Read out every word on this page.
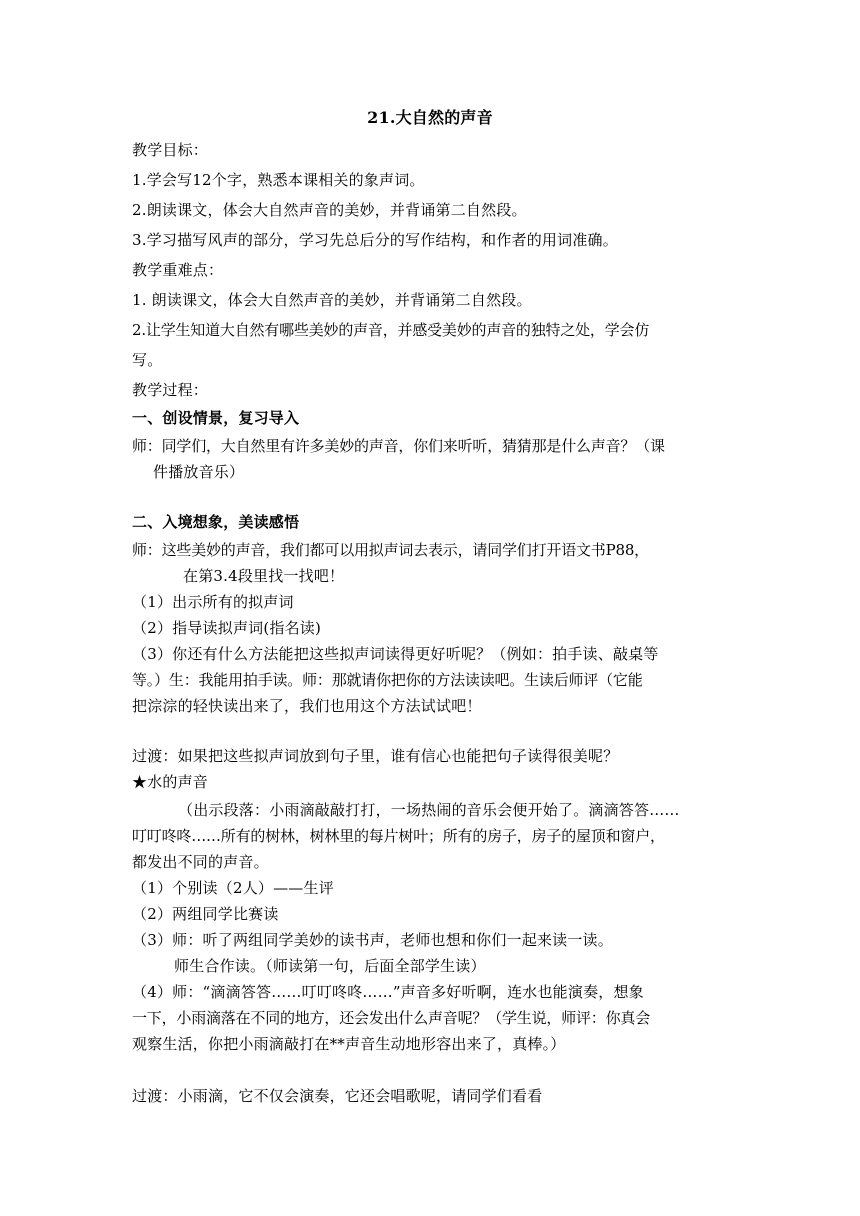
21.大自然的声音
教学目标：
1.学会写12个字，熟悉本课相关的象声词。
2.朗读课文，体会大自然声音的美妙，并背诵第二自然段。
3.学习描写风声的部分，学习先总后分的写作结构，和作者的用词准确。
教学重难点：
1. 朗读课文，体会大自然声音的美妙，并背诵第二自然段。
2.让学生知道大自然有哪些美妙的声音，并感受美妙的声音的独特之处，学会仿
写。
教学过程：
一、创设情景，复习导入
师：同学们，大自然里有许多美妙的声音，你们来听听，猜猜那是什么声音？（课
件播放音乐）
二、入境想象，美读感悟
师：这些美妙的声音，我们都可以用拟声词去表示，请同学们打开语文书P88，
在第3.4段里找一找吧！
（1）出示所有的拟声词
（2）指导读拟声词(指名读)
（3）你还有什么方法能把这些拟声词读得更好听呢？（例如：拍手读、敲桌等
等。）生：我能用拍手读。师：那就请你把你的方法读读吧。生读后师评（它能
把淙淙的轻快读出来了，我们也用这个方法试试吧！
过渡：如果把这些拟声词放到句子里，谁有信心也能把句子读得很美呢？
★水的声音
（出示段落：小雨滴敲敲打打，一场热闹的音乐会便开始了。滴滴答答……
叮叮咚咚……所有的树林，树林里的每片树叶；所有的房子，房子的屋顶和窗户，
都发出不同的声音。
（1）个别读（2人）——生评
（2）两组同学比赛读
（3）师：听了两组同学美妙的读书声，老师也想和你们一起来读一读。
师生合作读。（师读第一句，后面全部学生读）
（4）师：“滴滴答答……叮叮咚咚……”声音多好听啊，连水也能演奏，想象
一下，小雨滴落在不同的地方，还会发出什么声音呢？（学生说，师评：你真会
观察生活，你把小雨滴敲打在**声音生动地形容出来了，真棒。）
过渡：小雨滴，它不仅会演奏，它还会唱歌呢，请同学们看看
